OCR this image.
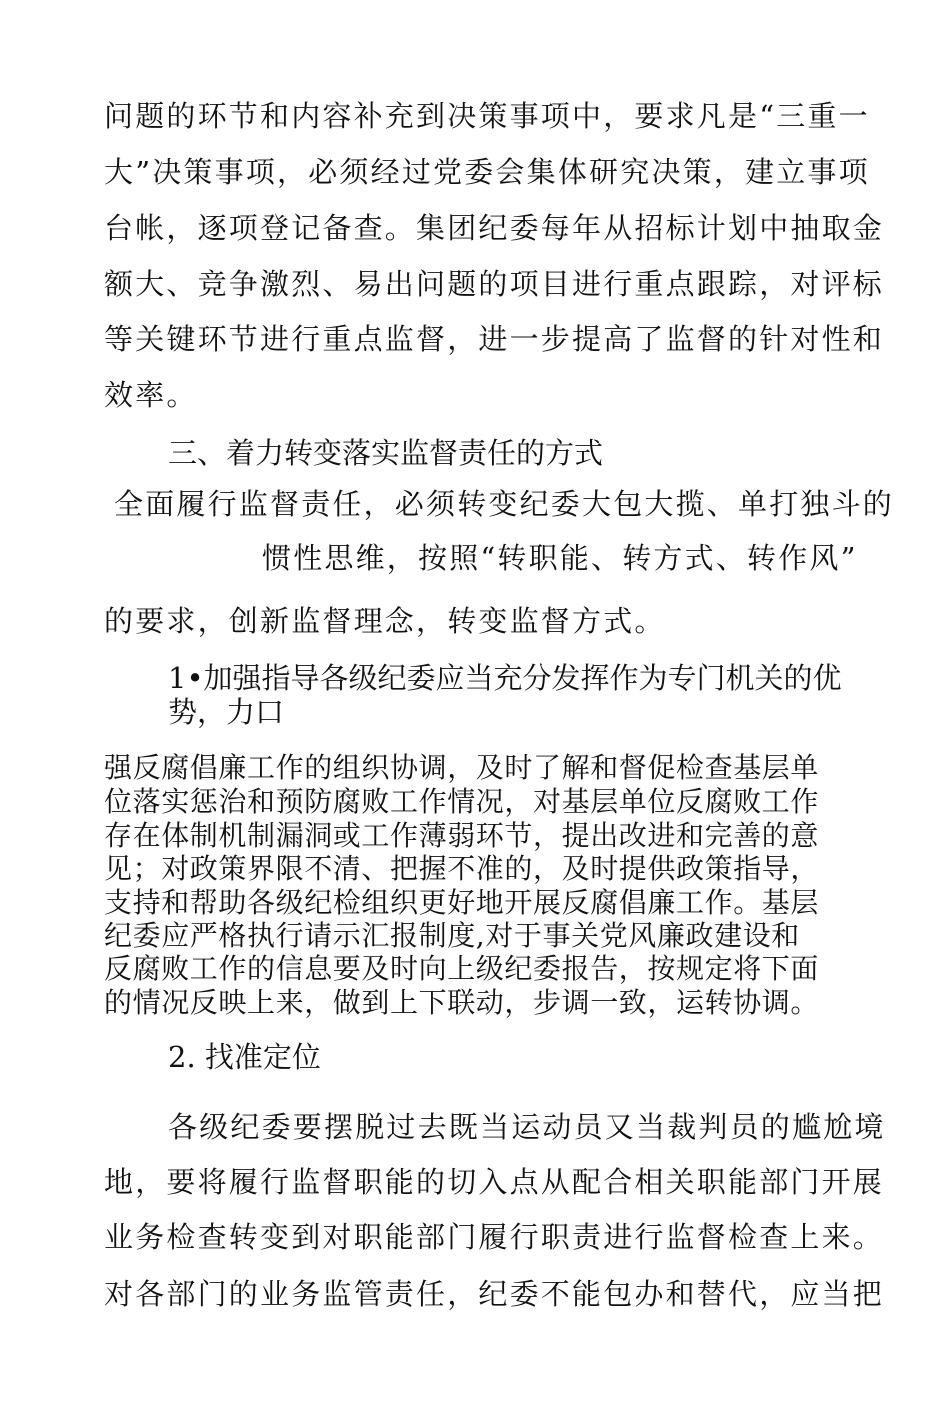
问题的环节和内容补充到决策事项中，要求凡是“三重一
大”决策事项，必须经过党委会集体研究决策，建立事项
台帐，逐项登记备查。集团纪委每年从招标计划中抽取金
额大、竞争激烈、易出问题的项目进行重点跟踪，对评标
等关键环节进行重点监督，进一步提高了监督的针对性和
效率。
三、着力转变落实监督责任的方式
全面履行监督责任，必须转变纪委大包大揽、单打独斗的
惯性思维，按照“转职能、转方式、转作风”
的要求，创新监督理念，转变监督方式。
1•加强指导各级纪委应当充分发挥作为专门机关的优
势，力口
强反腐倡廉工作的组织协调，及时了解和督促检查基层单
位落实惩治和预防腐败工作情况，对基层单位反腐败工作
存在体制机制漏洞或工作薄弱环节，提出改进和完善的意
见；对政策界限不清、把握不准的，及时提供政策指导，
支持和帮助各级纪检组织更好地开展反腐倡廉工作。基层
纪委应严格执行请示汇报制度,对于事关党风廉政建设和
反腐败工作的信息要及时向上级纪委报告，按规定将下面
的情况反映上来，做到上下联动，步调一致，运转协调。
2. 找准定位
各级纪委要摆脱过去既当运动员又当裁判员的尴尬境
地，要将履行监督职能的切入点从配合相关职能部门开展
业务检查转变到对职能部门履行职责进行监督检查上来。
对各部门的业务监管责任，纪委不能包办和替代，应当把
